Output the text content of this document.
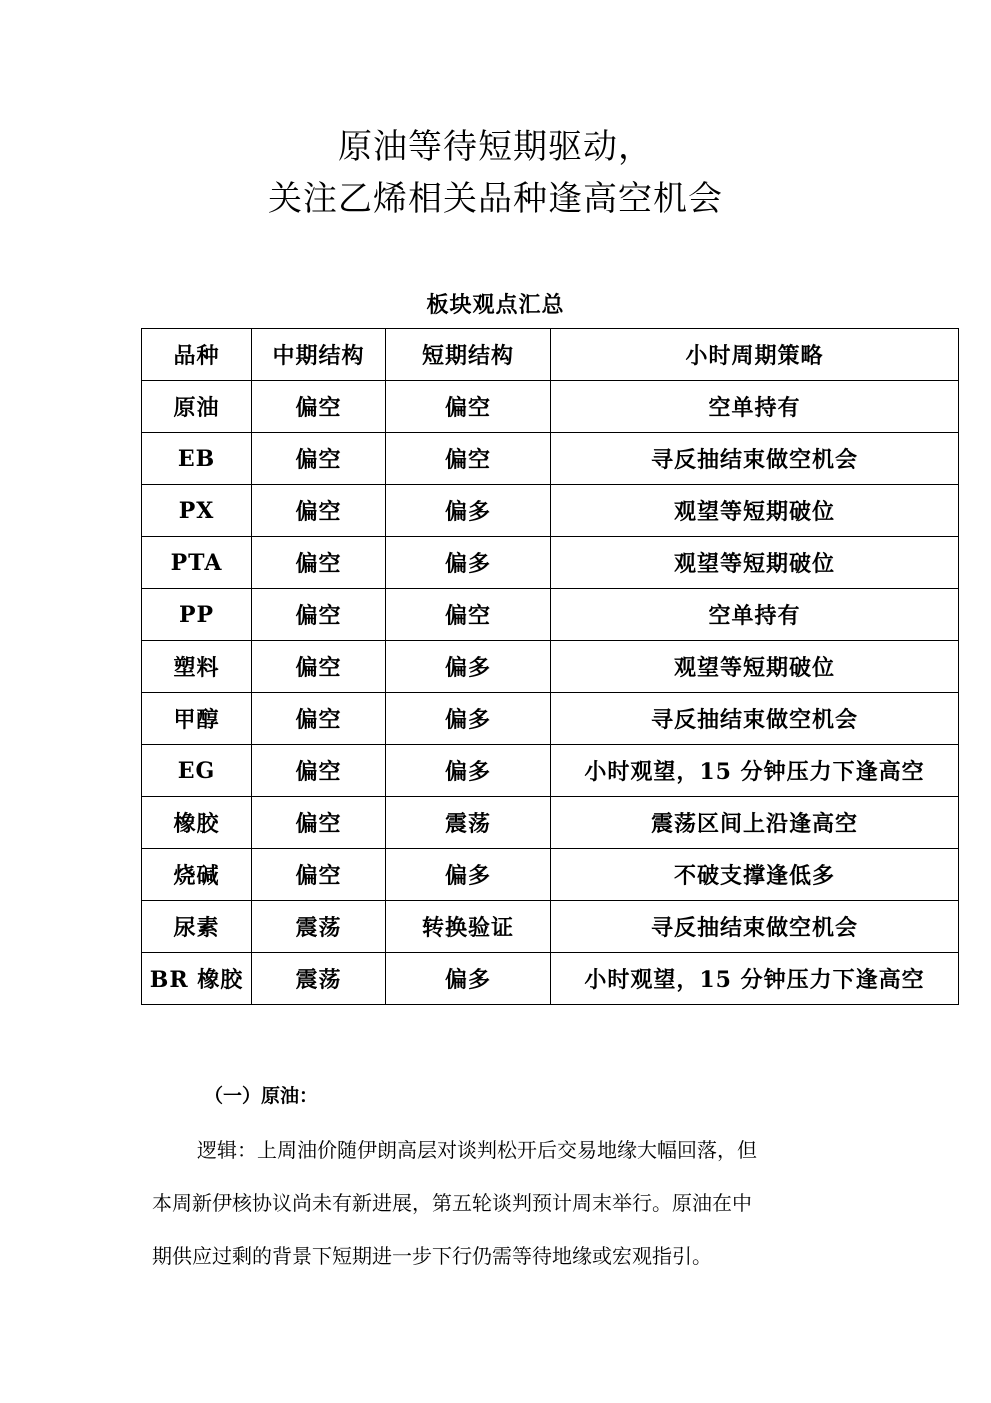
原油等待短期驱动，
关注乙烯相关品种逢高空机会
板块观点汇总
品种	中期结构	短期结构	小时周期策略
原油	偏空	偏空	空单持有
EB	偏空	偏空	寻反抽结束做空机会
PX	偏空	偏多	观望等短期破位
PTA	偏空	偏多	观望等短期破位
PP	偏空	偏空	空单持有
塑料	偏空	偏多	观望等短期破位
甲醇	偏空	偏多	寻反抽结束做空机会
EG	偏空	偏多	小时观望，15 分钟压力下逢高空
橡胶	偏空	震荡	震荡区间上沿逢高空
烧碱	偏空	偏多	不破支撑逢低多
尿素	震荡	转换验证	寻反抽结束做空机会
BR 橡胶	震荡	偏多	小时观望，15 分钟压力下逢高空
（一）原油：
逻辑：上周油价随伊朗高层对谈判松开后交易地缘大幅回落，但
本周新伊核协议尚未有新进展，第五轮谈判预计周末举行。原油在中
期供应过剩的背景下短期进一步下行仍需等待地缘或宏观指引。
